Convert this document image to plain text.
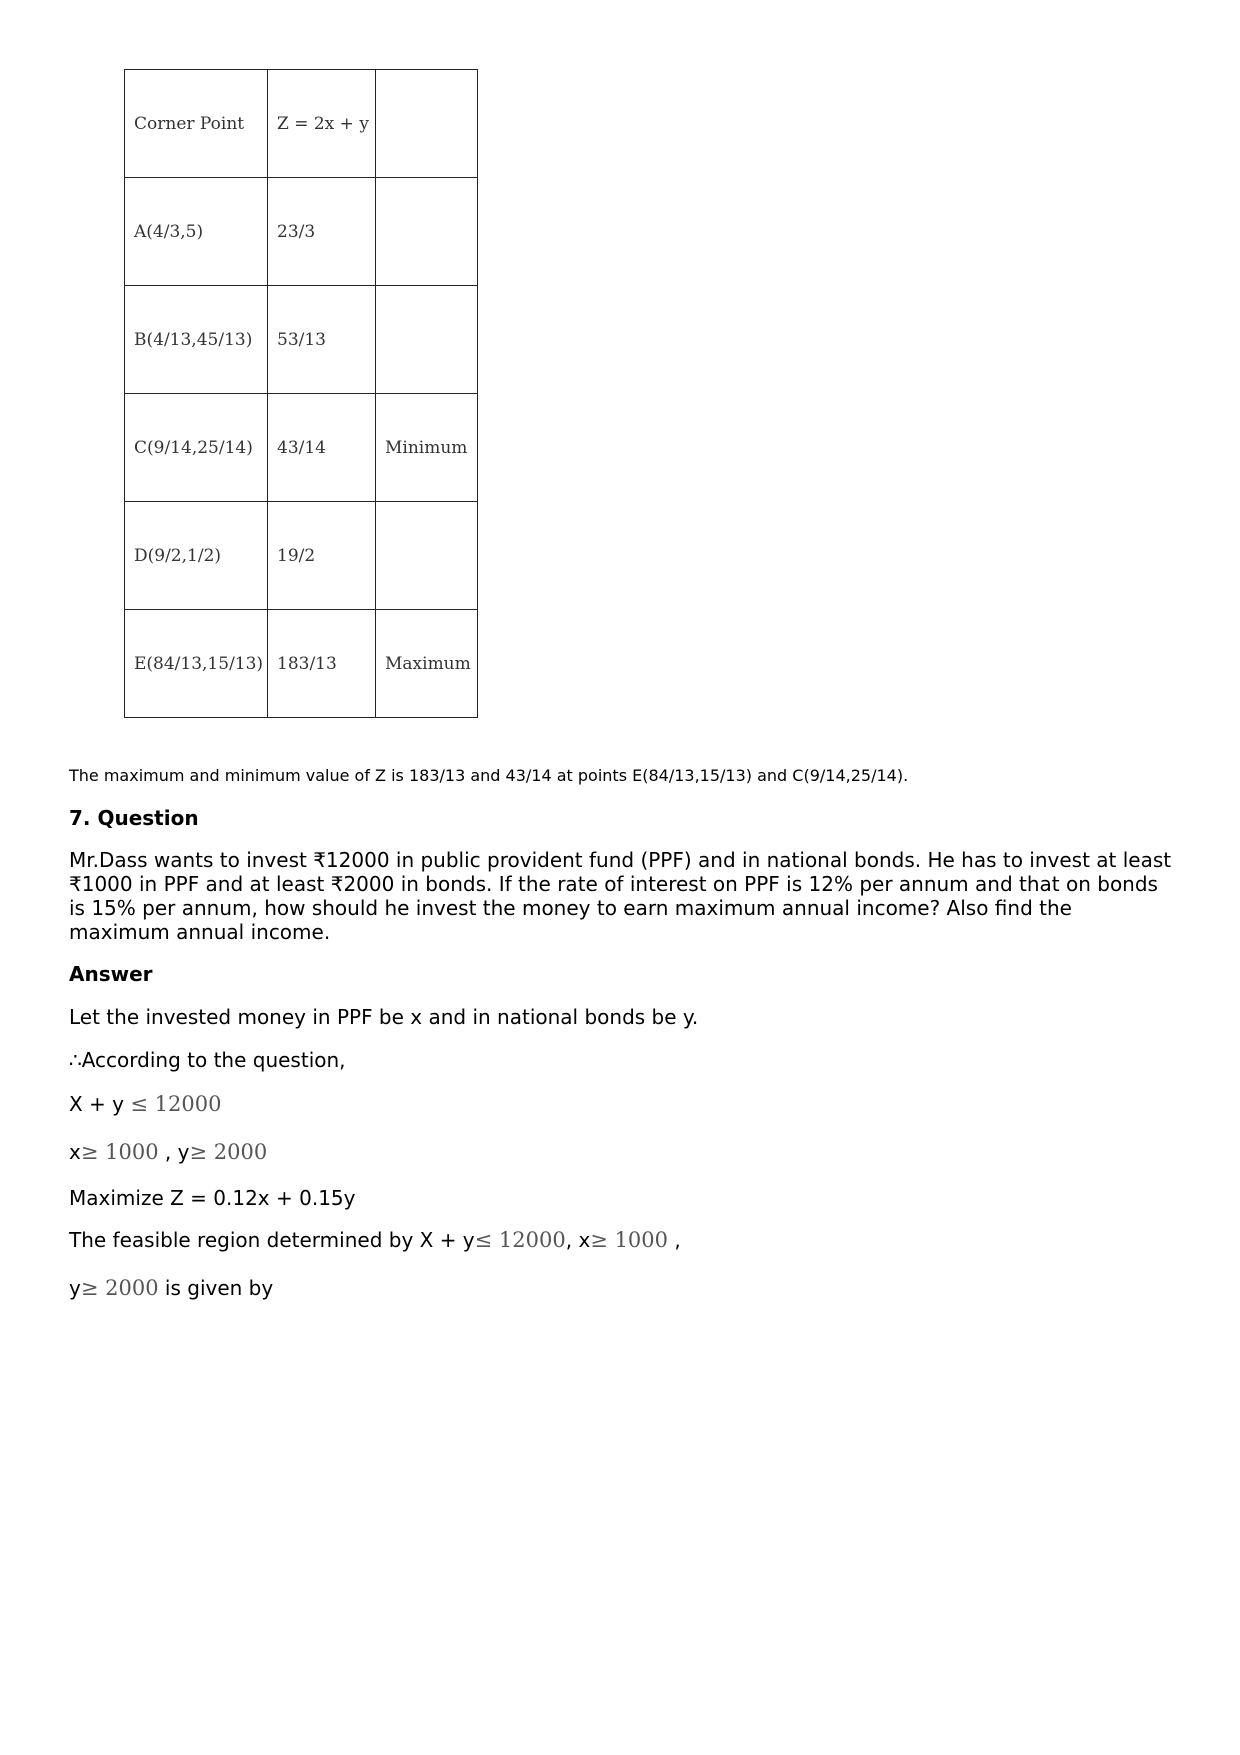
Corner Point	Z = 2x + y	
A(4/3,5)	23/3	
B(4/13,45/13)	53/13	
C(9/14,25/14)	43/14	Minimum
D(9/2,1/2)	19/2	
E(84/13,15/13)	183/13	Maximum
The maximum and minimum value of Z is 183/13 and 43/14 at points E(84/13,15/13) and C(9/14,25/14).
7. Question
Mr.Dass wants to invest ₹12000 in public provident fund (PPF) and in national bonds. He has to invest at least ₹1000 in PPF and at least ₹2000 in bonds. If the rate of interest on PPF is 12% per annum and that on bonds is 15% per annum, how should he invest the money to earn maximum annual income? Also find the maximum annual income.
Answer
Let the invested money in PPF be x and in national bonds be y.
∴According to the question,
X + y ≤ 12000
x≥ 1000 , y≥ 2000
Maximize Z = 0.12x + 0.15y
The feasible region determined by X + y≤ 12000, x≥ 1000 ,
y≥ 2000 is given by
